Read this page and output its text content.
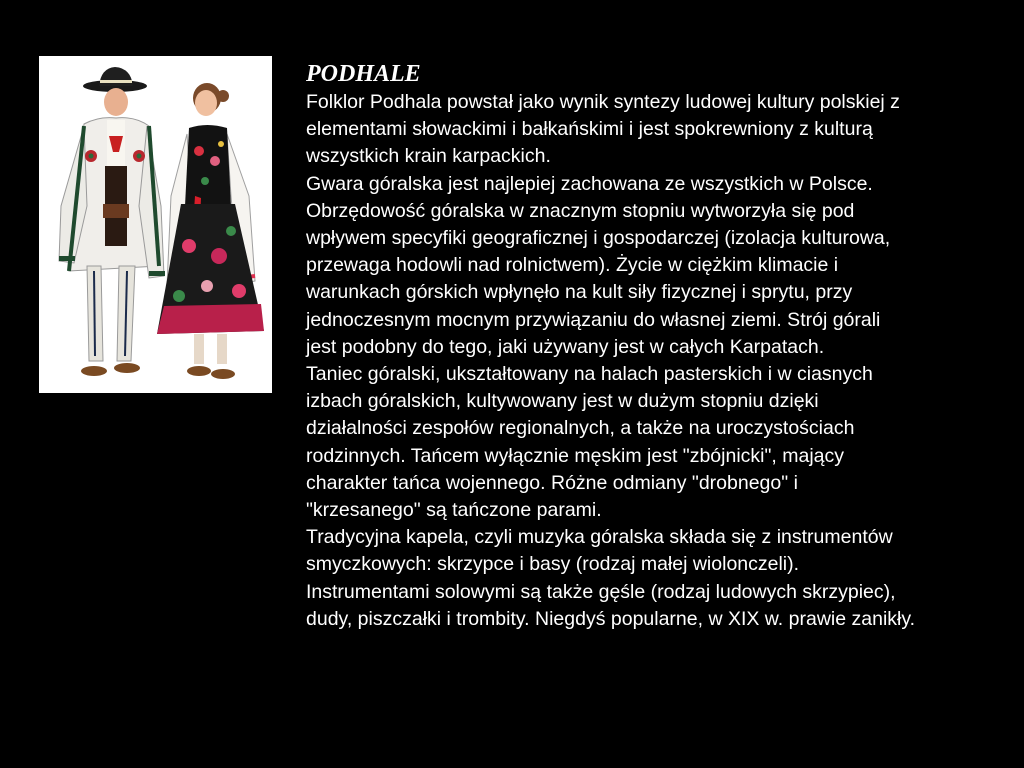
PODHALE

Folklor Podhala powstał jako wynik syntezy ludowej kultury polskiej z elementami słowackimi i bałkańskimi i jest spokrewniony z kulturą wszystkich krain karpackich.

Gwara góralska jest najlepiej zachowana ze wszystkich w Polsce.

Obrzędowość góralska w znacznym stopniu wytworzyła się pod wpływem specyfiki geograficznej i gospodarczej (izolacja kulturowa, przewaga hodowli nad rolnictwem). Życie w ciężkim klimacie i warunkach górskich wpłynęło na kult siły fizycznej i sprytu, przy jednoczesnym mocnym przywiązaniu do własnej ziemi. Strój górali jest podobny do tego, jaki używany jest w całych Karpatach.

Taniec góralski, ukształtowany na halach pasterskich i w ciasnych izbach góralskich, kultywowany jest w dużym stopniu dzięki działalności zespołów regionalnych, a także na uroczystościach rodzinnych. Tańcem wyłącznie męskim jest "zbójnicki", mający charakter tańca wojennego. Różne odmiany "drobnego" i "krzesanego" są tańczone parami.

Tradycyjna kapela, czyli muzyka góralska składa się z instrumentów smyczkowych: skrzypce i basy (rodzaj małej wiolonczeli). Instrumentami solowymi są także gęśle (rodzaj ludowych skrzypiec), dudy, piszczałki i trombity. Niegdyś popularne, w XIX w. prawie zanikły.
